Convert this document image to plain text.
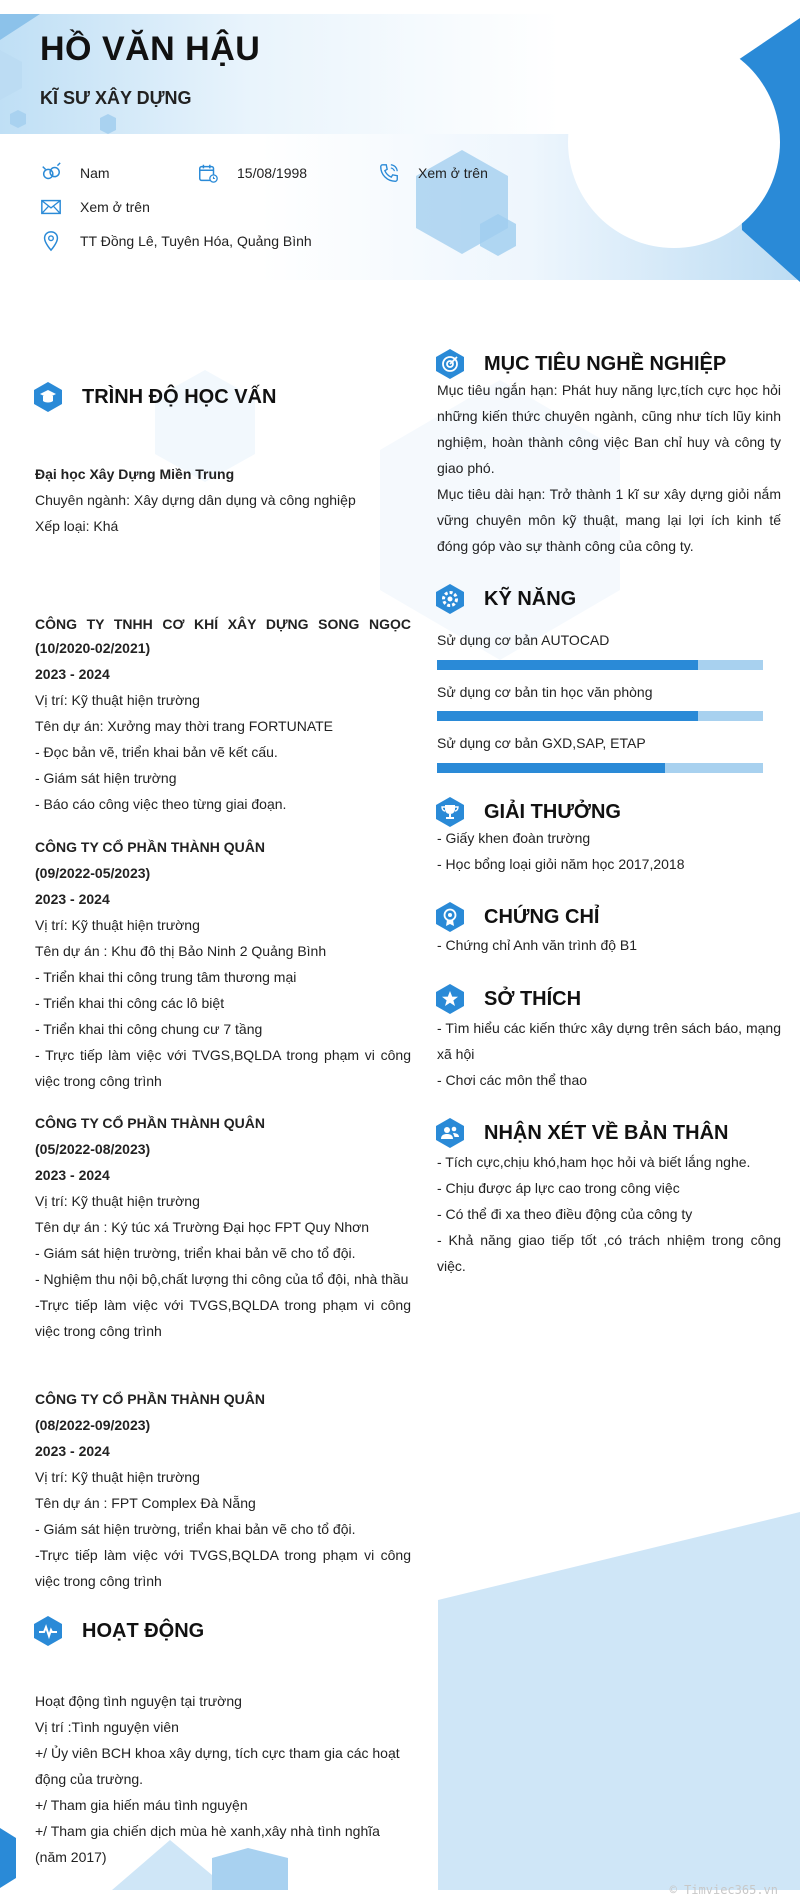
HỒ VĂN HẬU
KĨ SƯ XÂY DỰNG
Nam	15/08/1998	Xem ở trên
Xem ở trên
TT Đồng Lê, Tuyên Hóa, Quảng Bình
TRÌNH ĐỘ HỌC VẤN

Đại học Xây Dựng Miền Trung

Chuyên ngành: Xây dựng dân dụng và công nghiệp

Xếp loại: Khá

CÔNG TY TNHH CƠ KHÍ XÂY DỰNG SONG NGỌC

(10/2020-02/2021)

2023 - 2024

Vị trí: Kỹ thuật hiện trường

Tên dự án: Xưởng may thời trang FORTUNATE

- Đọc bản vẽ, triển khai bản vẽ kết cấu.

- Giám sát hiện trường

- Báo cáo công việc theo từng giai đoạn.

CÔNG TY CỔ PHẦN THÀNH QUÂN

(09/2022-05/2023)

2023 - 2024

Vị trí: Kỹ thuật hiện trường

Tên dự án : Khu đô thị Bảo Ninh 2 Quảng Bình

- Triển khai thi công trung tâm thương mại

- Triển khai thi công các lô biệt

- Triển khai thi công chung cư 7 tầng

- Trực tiếp làm việc với TVGS,BQLDA trong phạm vi công việc trong công trình

CÔNG TY CỔ PHẦN THÀNH QUÂN

(05/2022-08/2023)

2023 - 2024

Vị trí: Kỹ thuật hiện trường

Tên dự án : Ký túc xá Trường Đại học FPT Quy Nhơn

- Giám sát hiện trường, triển khai bản vẽ cho tổ đội.

- Nghiệm thu nội bộ,chất lượng thi công của tổ đội, nhà thầu

-Trực tiếp làm việc với TVGS,BQLDA trong phạm vi công việc trong công trình

CÔNG TY CỔ PHẦN THÀNH QUÂN

(08/2022-09/2023)

2023 - 2024

Vị trí: Kỹ thuật hiện trường

Tên dự án : FPT Complex Đà Nẵng

- Giám sát hiện trường, triển khai bản vẽ cho tổ đội.

-Trực tiếp làm việc với TVGS,BQLDA trong phạm vi công việc trong công trình

HOẠT ĐỘNG

Hoạt động tình nguyện tại trường

Vị trí :Tình nguyện viên

+/ Ủy viên BCH khoa xây dựng, tích cực tham gia các hoạt động của trường.

+/ Tham gia hiến máu tình nguyện

+/ Tham gia chiến dịch mùa hè xanh,xây nhà tình nghĩa (năm 2017)

MỤC TIÊU NGHỀ NGHIỆP

Mục tiêu ngắn hạn: Phát huy năng lực,tích cực học hỏi những kiến thức chuyên ngành, cũng như tích lũy kinh nghiệm, hoàn thành công việc Ban chỉ huy và công ty giao phó.

Mục tiêu dài hạn: Trở thành 1 kĩ sư xây dựng giỏi nắm vững chuyên môn kỹ thuật, mang lại lợi ích kinh tế đóng góp vào sự thành công của công ty.

KỸ NĂNG
Sử dụng cơ bản AUTOCAD
Sử dụng cơ bản tin học văn phòng
Sử dụng cơ bản GXD,SAP, ETAP
GIẢI THƯỞNG

- Giấy khen đoàn trường

- Học bổng loại giỏi năm học 2017,2018

CHỨNG CHỈ

- Chứng chỉ Anh văn trình độ B1

SỞ THÍCH

- Tìm hiểu các kiến thức xây dựng trên sách báo, mạng xã hội

- Chơi các môn thể thao

NHẬN XÉT VỀ BẢN THÂN

- Tích cực,chịu khó,ham học hỏi và biết lắng nghe.

- Chịu được áp lực cao trong công việc

- Có thể đi xa theo điều động của công ty

- Khả năng giao tiếp tốt ,có trách nhiệm trong công việc.

© Timviec365.vn
